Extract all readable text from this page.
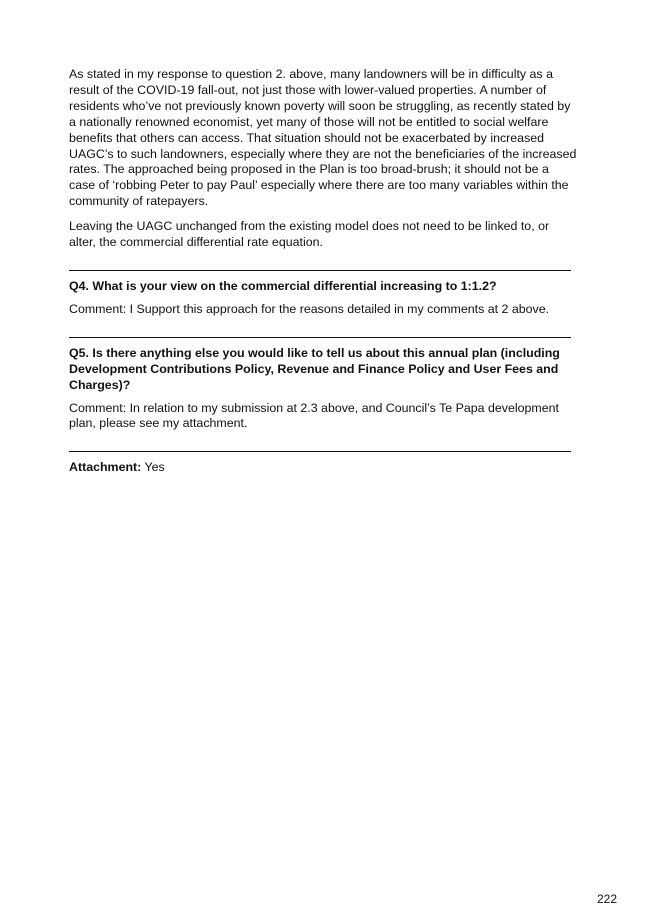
As stated in my response to question 2. above, many landowners will be in difficulty as a result of the COVID-19 fall-out, not just those with lower-valued properties. A number of residents who’ve not previously known poverty will soon be struggling, as recently stated by a nationally renowned economist, yet many of those will not be entitled to social welfare benefits that others can access. That situation should not be exacerbated by increased UAGC’s to such landowners, especially where they are not the beneficiaries of the increased rates. The approached being proposed in the Plan is too broad-brush; it should not be a case of ‘robbing Peter to pay Paul’ especially where there are too many variables within the community of ratepayers.

Leaving the UAGC unchanged from the existing model does not need to be linked to, or alter, the commercial differential rate equation.

Q4. What is your view on the commercial differential increasing to 1:1.2?

Comment: I Support this approach for the reasons detailed in my comments at 2 above.

Q5. Is there anything else you would like to tell us about this annual plan (including Development Contributions Policy, Revenue and Finance Policy and User Fees and Charges)?

Comment: In relation to my submission at 2.3 above, and Council’s Te Papa development plan, please see my attachment.

Attachment: Yes

222
